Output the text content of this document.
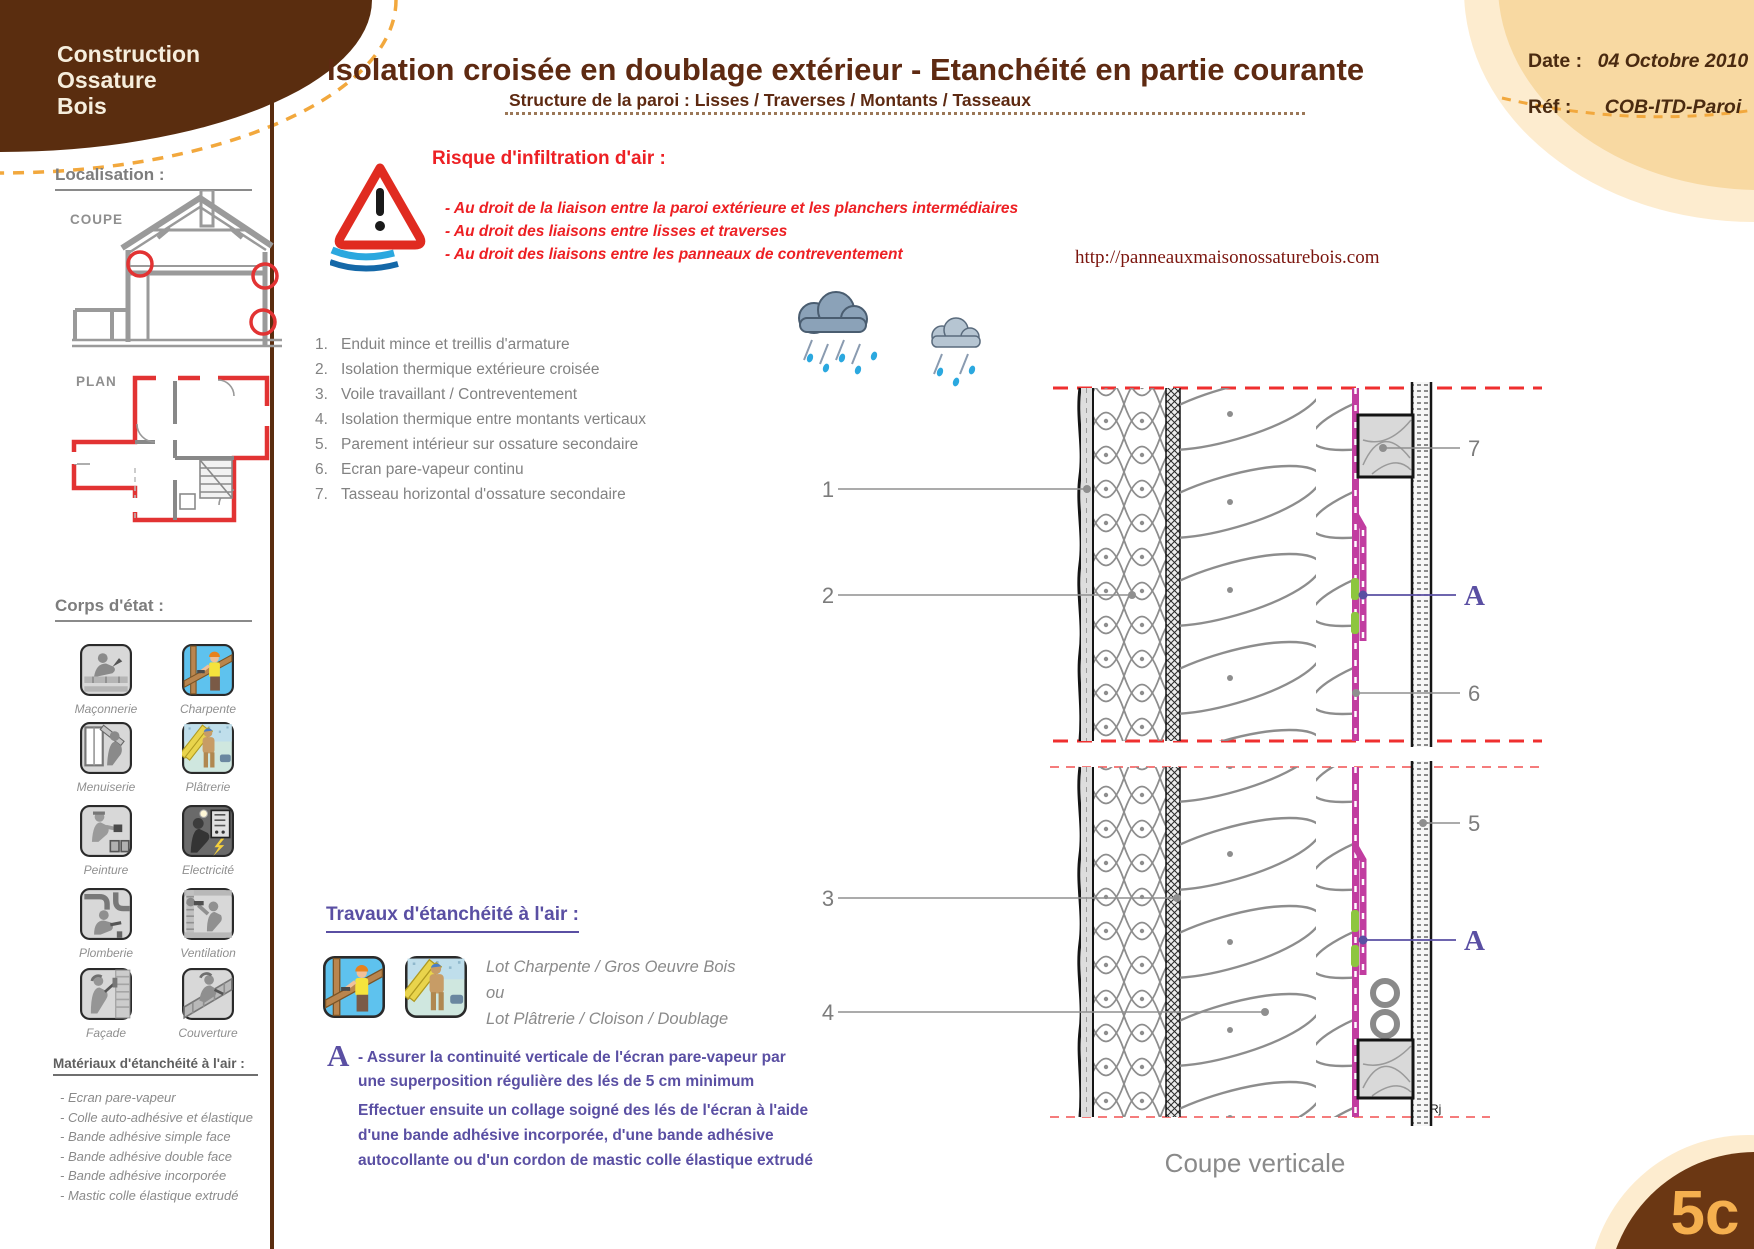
Construction
Ossature
Bois
Date : 04 Octobre 2010
Réf : COB-ITD-Paroi
Isolation croisée en doublage extérieur - Etanchéité en partie courante
Structure de la paroi : Lisses / Traverses / Montants / Tasseaux
Localisation :
COUPE
PLAN
Corps d'état :
Maçonnerie	Charpente
Menuiserie	Plâtrerie
Peinture	Electricité
Plomberie	Ventilation
Façade	Couverture
Matériaux d'étanchéité à l'air :
- Ecran pare-vapeur
- Colle auto-adhésive et élastique
- Bande adhésive simple face
- Bande adhésive double face
- Bande adhésive incorporée
- Mastic colle élastique extrudé
Risque d'infiltration d'air :
- Au droit de la liaison entre la paroi extérieure et les planchers intermédiaires
- Au droit des liaisons entre lisses et traverses
- Au droit des liaisons entre les panneaux de contreventement
1. Enduit mince et treillis d'armature
2. Isolation thermique extérieure croisée
3. Voile travaillant / Contreventement
4. Isolation thermique entre montants verticaux
5. Parement intérieur sur ossature secondaire
6. Ecran pare-vapeur continu
7. Tasseau horizontal d'ossature secondaire
Travaux d'étanchéité à l'air :
Lot Charpente / Gros Oeuvre Bois
ou
Lot Plâtrerie / Cloison / Doublage
A - Assurer la continuité verticale de l'écran pare-vapeur par une superposition régulière des lés de 5 cm minimum
Effectuer ensuite un collage soigné des lés de l'écran à l'aide d'une bande adhésive incorporée, d'une bande adhésive autocollante ou d'un cordon de mastic colle élastique extrudé
http://panneauxmaisonossaturebois.com
1
2
3
4
7
6
5
A
A
Rj
Coupe verticale
5c
